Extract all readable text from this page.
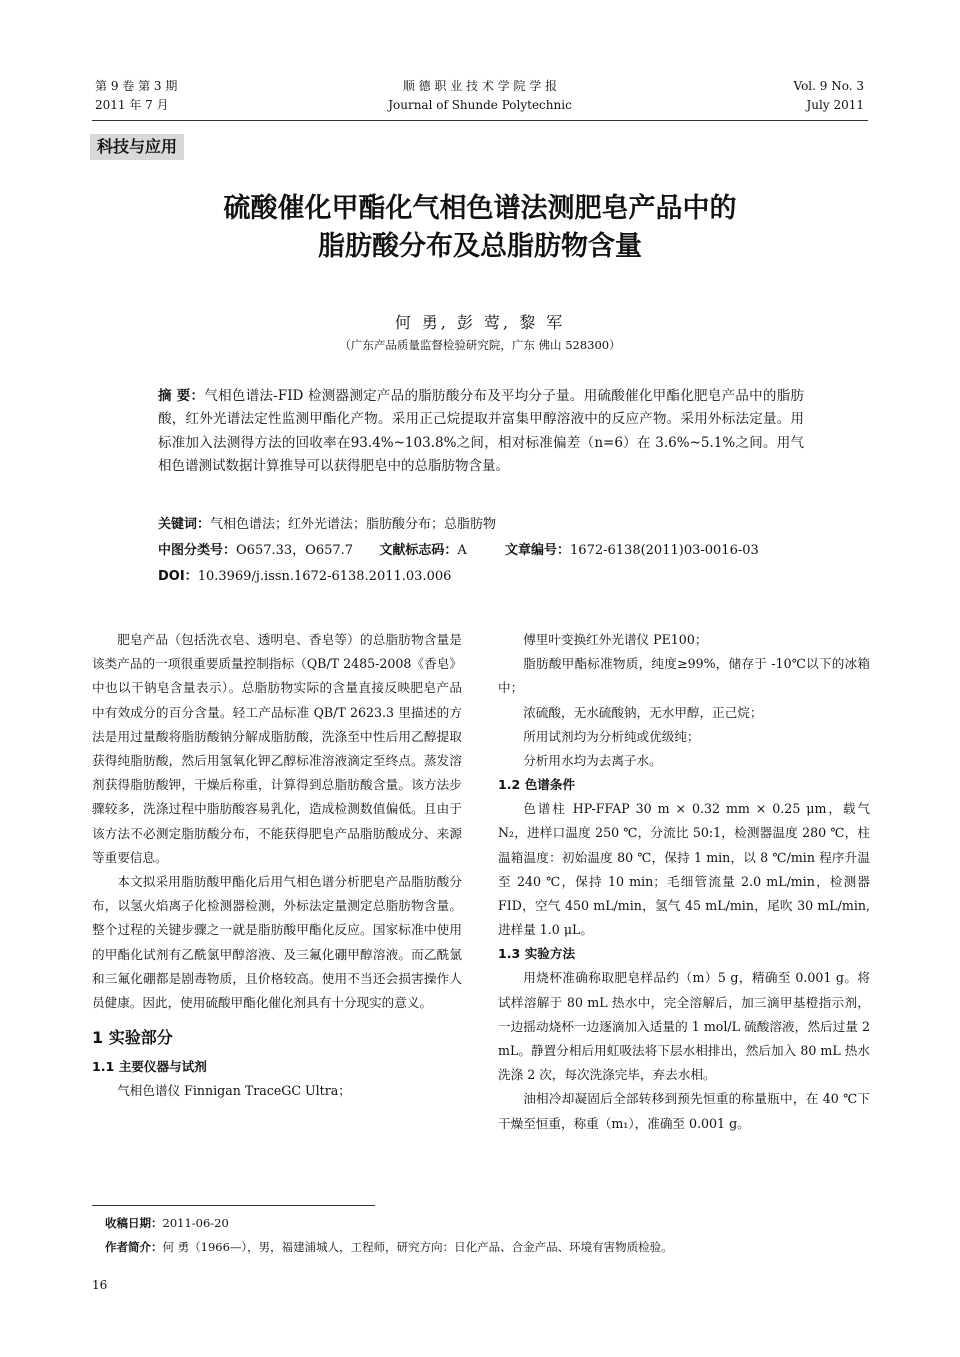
第 9 卷 第 3 期
2011 年 7 月
顺 德 职 业 技 术 学 院 学 报
Journal of Shunde Polytechnic
Vol. 9 No. 3
July 2011
科技与应用
硫酸催化甲酯化气相色谱法测肥皂产品中的
脂肪酸分布及总脂肪物含量
何 勇, 彭 莺, 黎 军
（广东产品质量监督检验研究院，广东 佛山 528300）
摘 要：气相色谱法-FID 检测器测定产品的脂肪酸分布及平均分子量。用硫酸催化甲酯化肥皂产品中的脂肪酸，红外光谱法定性监测甲酯化产物。采用正己烷提取并富集甲醇溶液中的反应产物。采用外标法定量。用标准加入法测得方法的回收率在93.4%~103.8%之间，相对标准偏差（n=6）在 3.6%~5.1%之间。用气相色谱测试数据计算推导可以获得肥皂中的总脂肪物含量。
关键词：气相色谱法；红外光谱法；脂肪酸分布；总脂肪物
中图分类号：O657.33，O657.7 文献标志码：A	文章编号：1672-6138(2011)03-0016-03
DOI：10.3969/j.issn.1672-6138.2011.03.006

肥皂产品（包括洗衣皂、透明皂、香皂等）的总脂肪物含量是该类产品的一项很重要质量控制指标（QB/T 2485-2008《香皂》中也以干钠皂含量表示）。总脂肪物实际的含量直接反映肥皂产品中有效成分的百分含量。轻工产品标准 QB/T 2623.3 里描述的方法是用过量酸将脂肪酸钠分解成脂肪酸，洗涤至中性后用乙醇提取获得纯脂肪酸，然后用氢氧化钾乙醇标准溶液滴定至终点。蒸发溶剂获得脂肪酸钾，干燥后称重，计算得到总脂肪酸含量。该方法步骤较多，洗涤过程中脂肪酸容易乳化，造成检测数值偏低。且由于该方法不必测定脂肪酸分布，不能获得肥皂产品脂肪酸成分、来源等重要信息。

本文拟采用脂肪酸甲酯化后用气相色谱分析肥皂产品脂肪酸分布，以氢火焰离子化检测器检测，外标法定量测定总脂肪物含量。整个过程的关键步骤之一就是脂肪酸甲酯化反应。国家标准中使用的甲酯化试剂有乙酰氯甲醇溶液、及三氟化硼甲醇溶液。而乙酰氯和三氟化硼都是剧毒物质，且价格较高。使用不当还会损害操作人员健康。因此，使用硫酸甲酯化催化剂具有十分现实的意义。

1 实验部分
1.1 主要仪器与试剂

气相色谱仪 Finnigan TraceGC Ultra；

傅里叶变换红外光谱仪 PE100；

脂肪酸甲酯标准物质，纯度≥99%，储存于 -10℃以下的冰箱中；

浓硫酸，无水硫酸钠，无水甲醇，正己烷；

所用试剂均为分析纯或优级纯；

分析用水均为去离子水。

1.2 色谱条件

色谱柱 HP-FFAP 30 m × 0.32 mm × 0.25 μm，载气 N₂，进样口温度 250 ℃，分流比 50:1，检测器温度 280 ℃，柱温箱温度：初始温度 80 ℃，保持 1 min，以 8 ℃/min 程序升温至 240 ℃，保持 10 min；毛细管流量 2.0 mL/min，检测器 FID，空气 450 mL/min，氢气 45 mL/min，尾吹 30 mL/min, 进样量 1.0 μL。

1.3 实验方法

用烧杯准确称取肥皂样品约（m）5 g，精确至 0.001 g。将试样溶解于 80 mL 热水中，完全溶解后，加三滴甲基橙指示剂，一边摇动烧杯一边逐滴加入适量的 1 mol/L 硫酸溶液，然后过量 2 mL。静置分相后用虹吸法将下层水相排出，然后加入 80 mL 热水洗涤 2 次，每次洗涤完毕，弃去水相。

油相冷却凝固后全部转移到预先恒重的称量瓶中，在 40 ℃下干燥至恒重，称重（m₁），准确至 0.001 g。

收稿日期：2011-06-20
作者简介：何 勇（1966—），男，福建浦城人，工程师，研究方向：日化产品、合金产品、环境有害物质检验。
16
